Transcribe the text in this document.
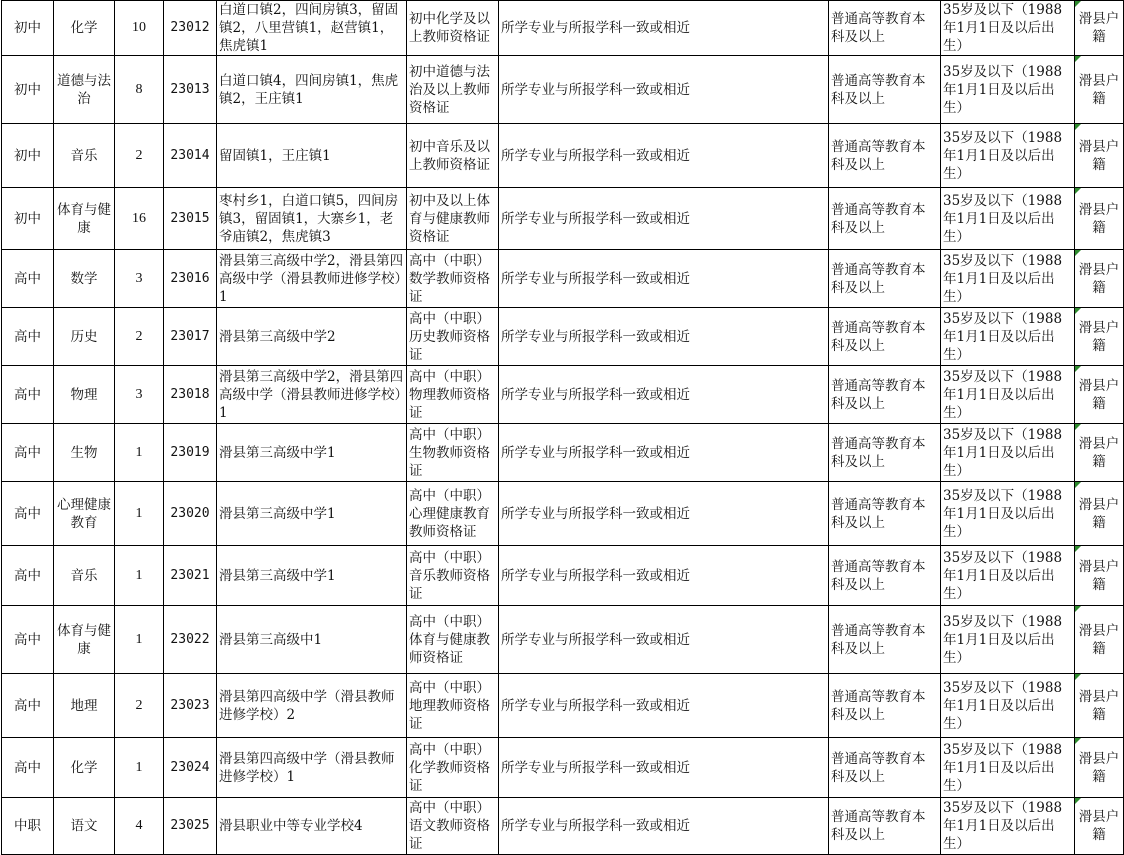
初中	化学	10	23012	白道口镇2，四间房镇3，留固镇2，八里营镇1，赵营镇1，焦虎镇1	初中化学及以上教师资格证	所学专业与所报学科一致或相近	普通高等教育本科及以上	35岁及以下（1988年1月1日及以后出生）	滑县户籍

初中	道德与法治	8	23013	白道口镇4，四间房镇1，焦虎镇2，王庄镇1	初中道德与法治及以上教师资格证	所学专业与所报学科一致或相近	普通高等教育本科及以上	35岁及以下（1988年1月1日及以后出生）	滑县户籍

初中	音乐	2	23014	留固镇1，王庄镇1	初中音乐及以上教师资格证	所学专业与所报学科一致或相近	普通高等教育本科及以上	35岁及以下（1988年1月1日及以后出生）	滑县户籍

初中	体育与健康	16	23015	枣村乡1，白道口镇5，四间房镇3，留固镇1，大寨乡1，老爷庙镇2，焦虎镇3	初中及以上体育与健康教师资格证	所学专业与所报学科一致或相近	普通高等教育本科及以上	35岁及以下（1988年1月1日及以后出生）	滑县户籍

高中	数学	3	23016	滑县第三高级中学2，滑县第四高级中学（滑县教师进修学校）1	高中（中职）数学教师资格证	所学专业与所报学科一致或相近	普通高等教育本科及以上	35岁及以下（1988年1月1日及以后出生）	滑县户籍

高中	历史	2	23017	滑县第三高级中学2	高中（中职）历史教师资格证	所学专业与所报学科一致或相近	普通高等教育本科及以上	35岁及以下（1988年1月1日及以后出生）	滑县户籍

高中	物理	3	23018	滑县第三高级中学2，滑县第四高级中学（滑县教师进修学校）1	高中（中职）物理教师资格证	所学专业与所报学科一致或相近	普通高等教育本科及以上	35岁及以下（1988年1月1日及以后出生）	滑县户籍

高中	生物	1	23019	滑县第三高级中学1	高中（中职）生物教师资格证	所学专业与所报学科一致或相近	普通高等教育本科及以上	35岁及以下（1988年1月1日及以后出生）	滑县户籍

高中	心理健康教育	1	23020	滑县第三高级中学1	高中（中职）心理健康教育教师资格证	所学专业与所报学科一致或相近	普通高等教育本科及以上	35岁及以下（1988年1月1日及以后出生）	滑县户籍

高中	音乐	1	23021	滑县第三高级中学1	高中（中职）音乐教师资格证	所学专业与所报学科一致或相近	普通高等教育本科及以上	35岁及以下（1988年1月1日及以后出生）	滑县户籍

高中	体育与健康	1	23022	滑县第三高级中1	高中（中职）体育与健康教师资格证	所学专业与所报学科一致或相近	普通高等教育本科及以上	35岁及以下（1988年1月1日及以后出生）	滑县户籍

高中	地理	2	23023	滑县第四高级中学（滑县教师进修学校）2	高中（中职）地理教师资格证	所学专业与所报学科一致或相近	普通高等教育本科及以上	35岁及以下（1988年1月1日及以后出生）	滑县户籍

高中	化学	1	23024	滑县第四高级中学（滑县教师进修学校）1	高中（中职）化学教师资格证	所学专业与所报学科一致或相近	普通高等教育本科及以上	35岁及以下（1988年1月1日及以后出生）	滑县户籍

中职	语文	4	23025	滑县职业中等专业学校4	高中（中职）语文教师资格证	所学专业与所报学科一致或相近	普通高等教育本科及以上	35岁及以下（1988年1月1日及以后出生）	滑县户籍
